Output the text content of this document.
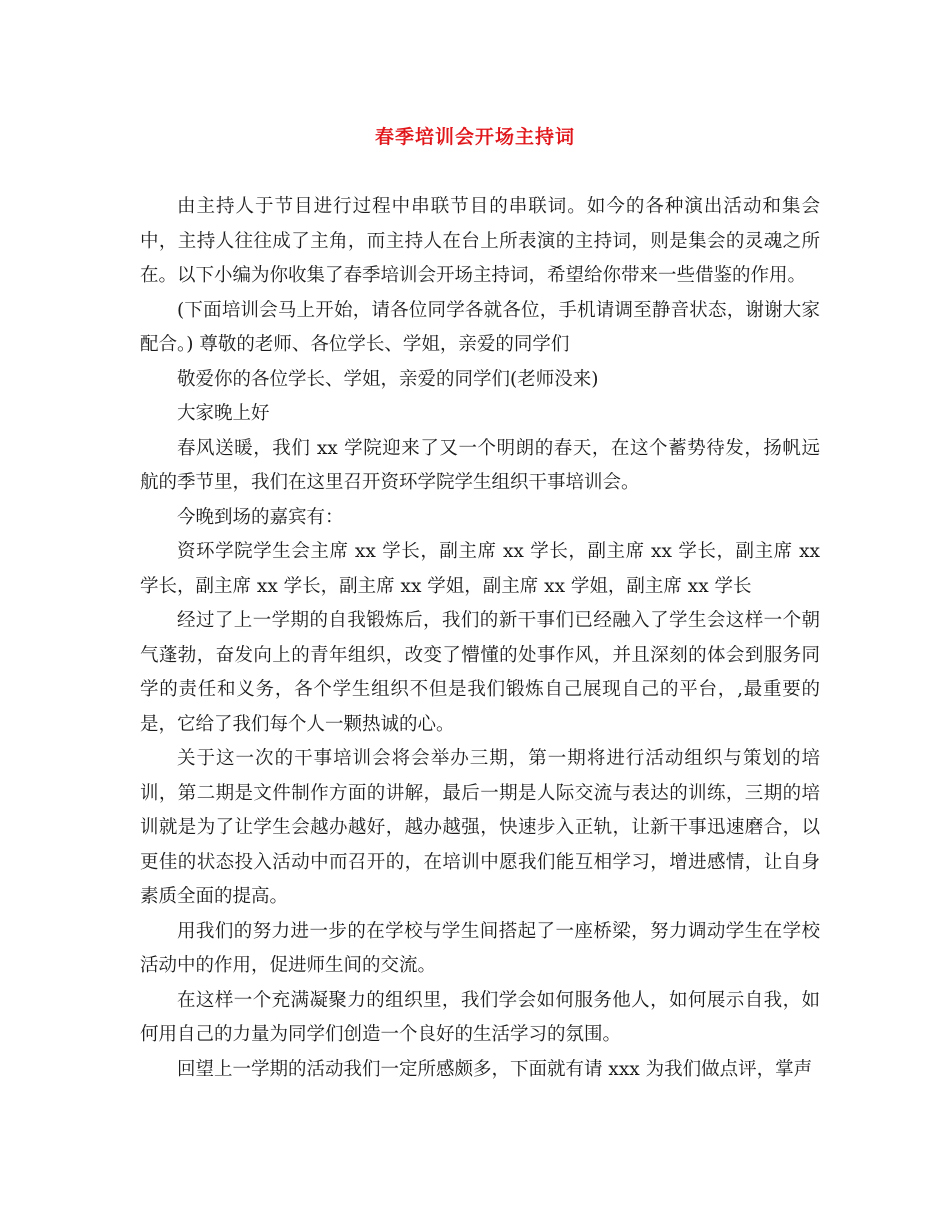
春季培训会开场主持词

由主持人于节目进行过程中串联节目的串联词。如今的各种演出活动和集会中，主持人往往成了主角，而主持人在台上所表演的主持词，则是集会的灵魂之所在。以下小编为你收集了春季培训会开场主持词，希望给你带来一些借鉴的作用。

(下面培训会马上开始，请各位同学各就各位，手机请调至静音状态，谢谢大家配合。) 尊敬的老师、各位学长、学姐，亲爱的同学们

敬爱你的各位学长、学姐，亲爱的同学们(老师没来)

大家晚上好

春风送暖，我们 xx 学院迎来了又一个明朗的春天，在这个蓄势待发，扬帆远航的季节里，我们在这里召开资环学院学生组织干事培训会。

今晚到场的嘉宾有：

资环学院学生会主席 xx 学长，副主席 xx 学长，副主席 xx 学长，副主席 xx 学长，副主席 xx 学长，副主席 xx 学姐，副主席 xx 学姐，副主席 xx 学长

经过了上一学期的自我锻炼后，我们的新干事们已经融入了学生会这样一个朝气蓬勃，奋发向上的青年组织，改变了懵懂的处事作风，并且深刻的体会到服务同学的责任和义务，各个学生组织不但是我们锻炼自己展现自己的平台，,最重要的是，它给了我们每个人一颗热诚的心。

关于这一次的干事培训会将会举办三期，第一期将进行活动组织与策划的培训，第二期是文件制作方面的讲解，最后一期是人际交流与表达的训练，三期的培训就是为了让学生会越办越好，越办越强，快速步入正轨，让新干事迅速磨合，以更佳的状态投入活动中而召开的，在培训中愿我们能互相学习，增进感情，让自身素质全面的提高。

用我们的努力进一步的在学校与学生间搭起了一座桥梁，努力调动学生在学校活动中的作用，促进师生间的交流。

在这样一个充满凝聚力的组织里，我们学会如何服务他人，如何展示自我，如何用自己的力量为同学们创造一个良好的生活学习的氛围。

回望上一学期的活动我们一定所感颇多，下面就有请 xxx 为我们做点评，掌声
